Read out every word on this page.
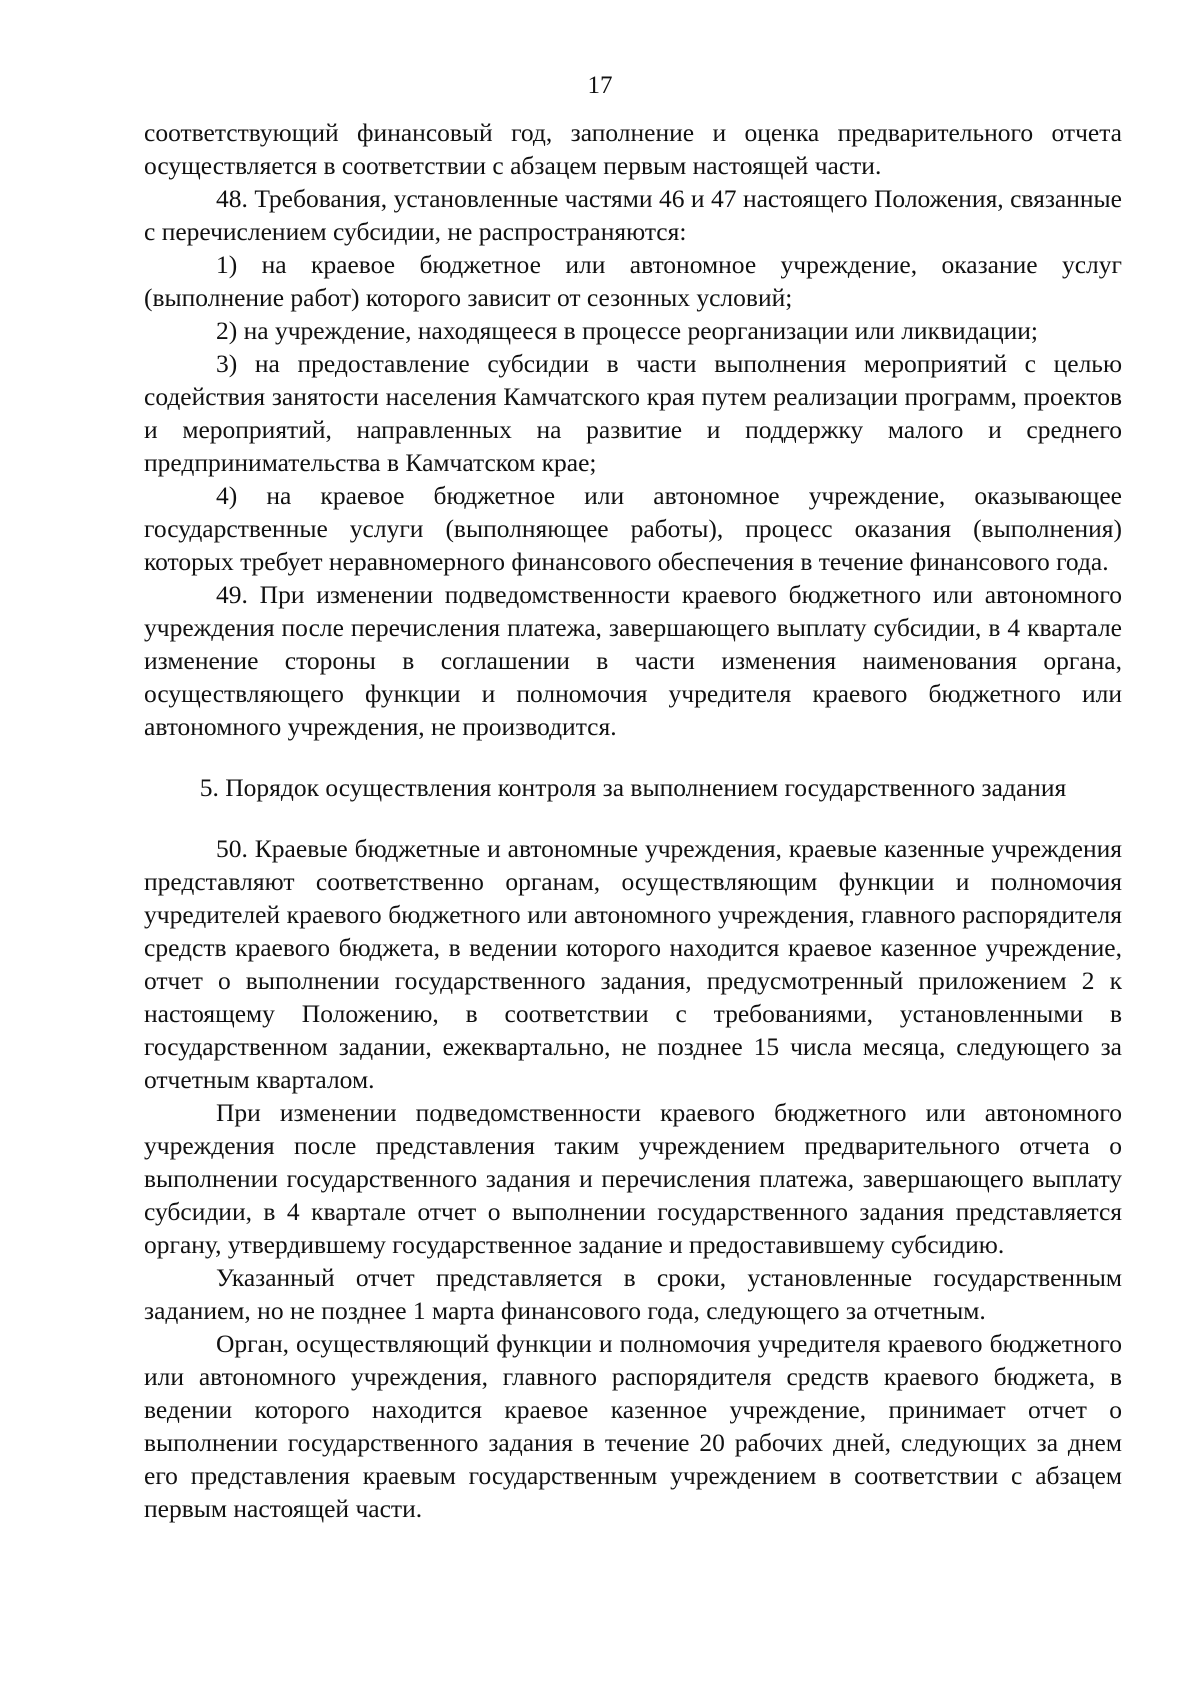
17

соответствующий финансовый год, заполнение и оценка предварительного отчета осуществляется в соответствии с абзацем первым настоящей части.

48. Требования, установленные частями 46 и 47 настоящего Положения, связанные с перечислением субсидии, не распространяются:

1) на краевое бюджетное или автономное учреждение, оказание услуг (выполнение работ) которого зависит от сезонных условий;

2) на учреждение, находящееся в процессе реорганизации или ликвидации;

3) на предоставление субсидии в части выполнения мероприятий с целью содействия занятости населения Камчатского края путем реализации программ, проектов и мероприятий, направленных на развитие и поддержку малого и среднего предпринимательства в Камчатском крае;

4) на краевое бюджетное или автономное учреждение, оказывающее государственные услуги (выполняющее работы), процесс оказания (выполнения) которых требует неравномерного финансового обеспечения в течение финансового года.

49. При изменении подведомственности краевого бюджетного или автономного учреждения после перечисления платежа, завершающего выплату субсидии, в 4 квартале изменение стороны в соглашении в части изменения наименования органа, осуществляющего функции и полномочия учредителя краевого бюджетного или автономного учреждения, не производится.

5. Порядок осуществления контроля за выполнением государственного задания

50. Краевые бюджетные и автономные учреждения, краевые казенные учреждения представляют соответственно органам, осуществляющим функции и полномочия учредителей краевого бюджетного или автономного учреждения, главного распорядителя средств краевого бюджета, в ведении которого находится краевое казенное учреждение, отчет о выполнении государственного задания, предусмотренный приложением 2 к настоящему Положению, в соответствии с требованиями, установленными в государственном задании, ежеквартально, не позднее 15 числа месяца, следующего за отчетным кварталом.

При изменении подведомственности краевого бюджетного или автономного учреждения после представления таким учреждением предварительного отчета о выполнении государственного задания и перечисления платежа, завершающего выплату субсидии, в 4 квартале отчет о выполнении государственного задания представляется органу, утвердившему государственное задание и предоставившему субсидию.

Указанный отчет представляется в сроки, установленные государственным заданием, но не позднее 1 марта финансового года, следующего за отчетным.

Орган, осуществляющий функции и полномочия учредителя краевого бюджетного или автономного учреждения, главного распорядителя средств краевого бюджета, в ведении которого находится краевое казенное учреждение, принимает отчет о выполнении государственного задания в течение 20 рабочих дней, следующих за днем его представления краевым государственным учреждением в соответствии с абзацем первым настоящей части.
